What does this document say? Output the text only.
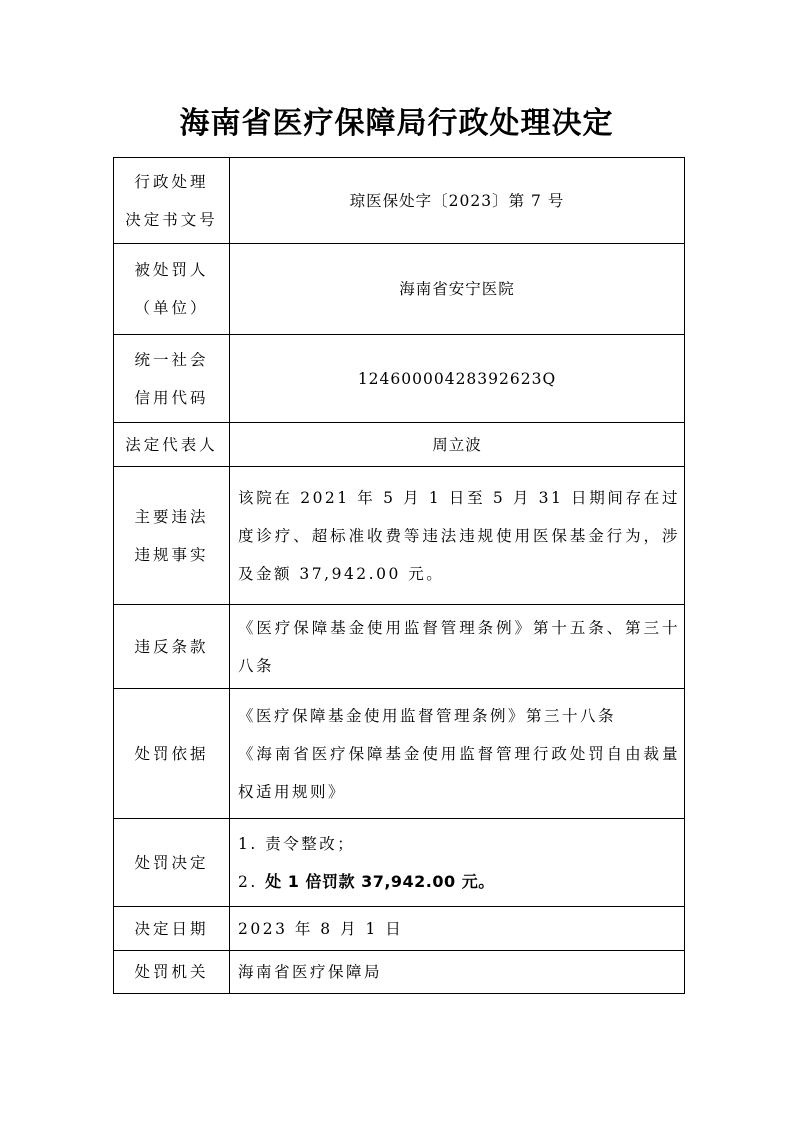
海南省医疗保障局行政处理决定
行政处理
决定书文号	琼医保处字〔2023〕第 7 号

被处罚人
（单位）	海南省安宁医院

统一社会
信用代码	12460000428392623Q
法定代表人	周立波

主要违法
违规事实	该院在 2021 年 5 月 1 日至 5 月 31 日期间存在过度诊疗、超标准收费等违法违规使用医保基金行为，涉及金额 37,942.00 元。
违反条款	《医疗保障基金使用监督管理条例》第十五条、第三十八条
处罚依据	《医疗保障基金使用监督管理条例》第三十八条
《海南省医疗保障基金使用监督管理行政处罚自由裁量权适用规则》

处罚决定	1. 责令整改；
2. 处 1 倍罚款 37,942.00 元。

决定日期	2023 年 8 月 1 日
处罚机关	海南省医疗保障局
